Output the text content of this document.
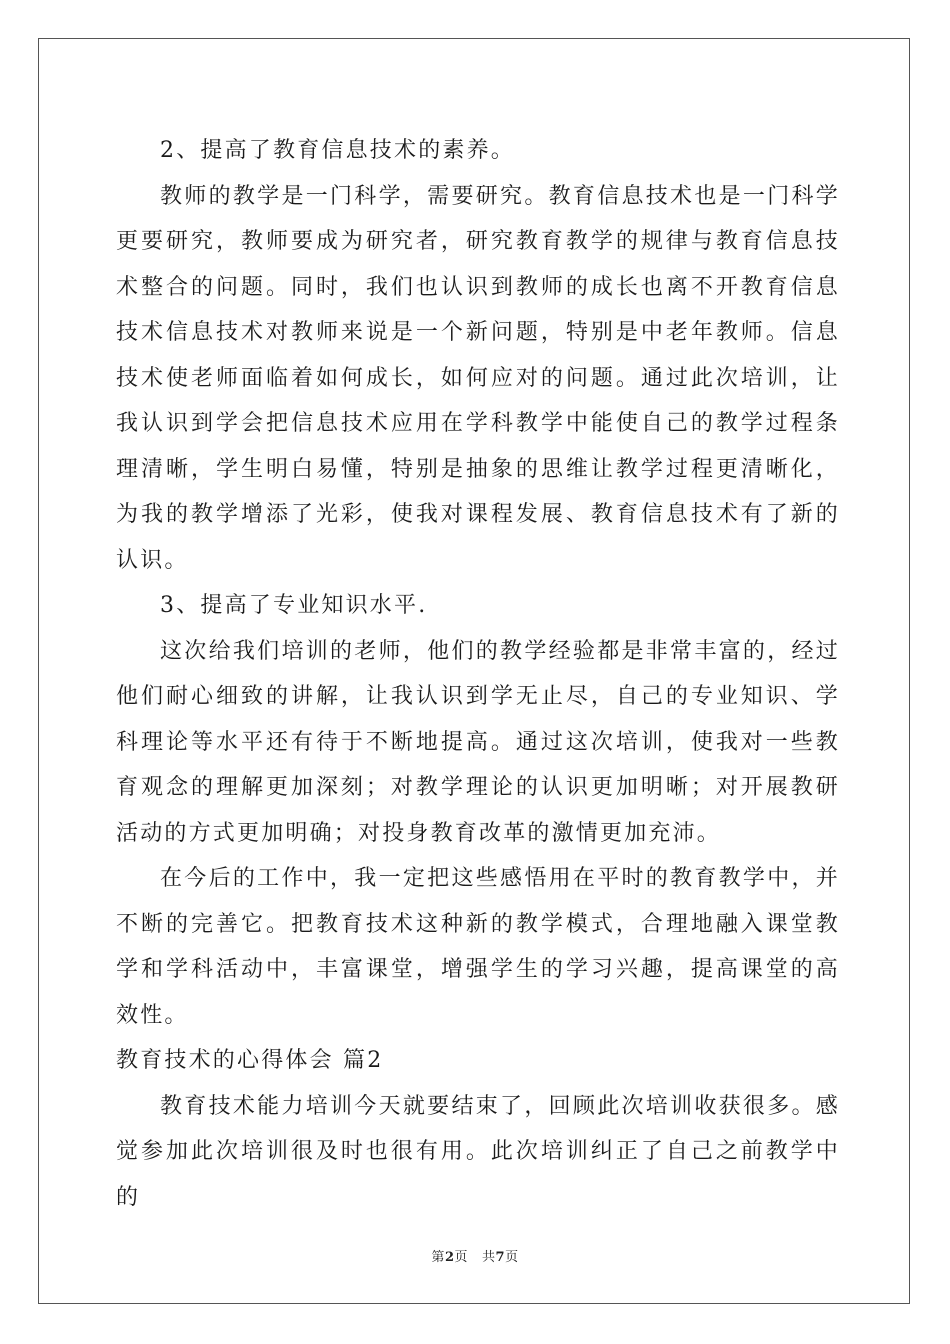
2、提高了教育信息技术的素养。

教师的教学是一门科学，需要研究。教育信息技术也是一门科学更要研究，教师要成为研究者，研究教育教学的规律与教育信息技术整合的问题。同时，我们也认识到教师的成长也离不开教育信息技术信息技术对教师来说是一个新问题，特别是中老年教师。信息技术使老师面临着如何成长，如何应对的问题。通过此次培训，让我认识到学会把信息技术应用在学科教学中能使自己的教学过程条理清晰，学生明白易懂，特别是抽象的思维让教学过程更清晰化，为我的教学增添了光彩，使我对课程发展、教育信息技术有了新的认识。

3、提高了专业知识水平.

这次给我们培训的老师，他们的教学经验都是非常丰富的，经过他们耐心细致的讲解，让我认识到学无止尽，自己的专业知识、学科理论等水平还有待于不断地提高。通过这次培训，使我对一些教育观念的理解更加深刻；对教学理论的认识更加明晰；对开展教研活动的方式更加明确；对投身教育改革的激情更加充沛。

在今后的工作中，我一定把这些感悟用在平时的教育教学中，并不断的完善它。把教育技术这种新的教学模式，合理地融入课堂教学和学科活动中，丰富课堂，增强学生的学习兴趣，提高课堂的高效性。

教育技术的心得体会 篇2

教育技术能力培训今天就要结束了，回顾此次培训收获很多。感觉参加此次培训很及时也很有用。此次培训纠正了自己之前教学中的

第2页 共7页
